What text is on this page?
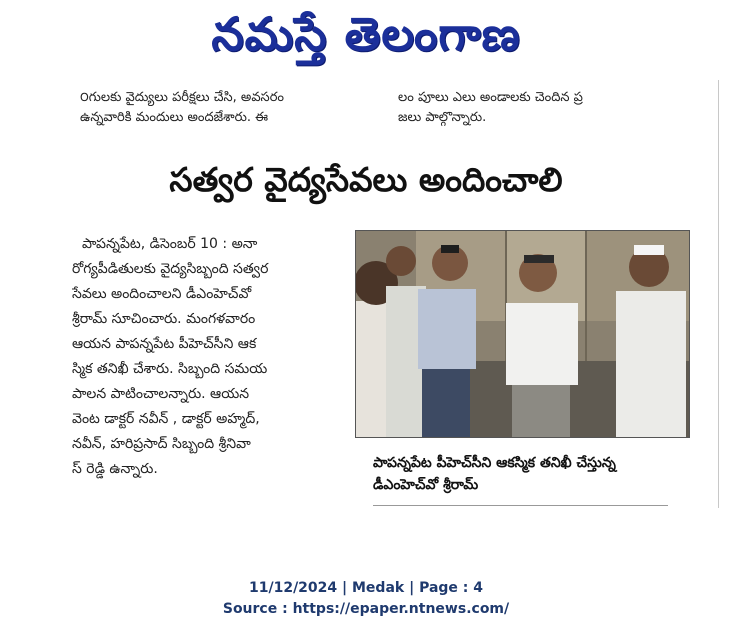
నమస్తే తెలంగాణ

౦గులకు వైద్యులు పరీక్షలు చేసి, అవసరం

ఉన్నవారికి మందులు అందజేశారు. ఈ

లం పూలు ఎలు అండాలకు చెందిన ప్ర

జలు పాల్గొన్నారు.

సత్వర వైద్యసేవలు అందించాలి

పాపన్నపేట, డిసెంబర్ 10 : అనా

రోగ్యపీడితులకు వైద్యసిబ్బంది సత్వర

సేవలు అందించాలని డీఎంహెచ్‌వో

శ్రీరామ్ సూచించారు. మంగళవారం

ఆయన పాపన్నపేట పీహెచ్‌సీని ఆక

స్మిక తనిఖీ చేశారు. సిబ్బంది సమయ

పాలన పాటించాలన్నారు. ఆయన

వెంట డాక్టర్ నవీన్ , డాక్టర్ అహ్మద్,

నవీన్, హరిప్రసాద్ సిబ్బంది శ్రీనివా

స్ రెడ్డి ఉన్నారు.	పాపన్నపేట పీహెచ్‌సీని ఆకస్మిక తనిఖీ చేస్తున్న

డీఎంహెచ్‌వో శ్రీరామ్

11/12/2024 | Medak | Page : 4
Source : https://epaper.ntnews.com/
